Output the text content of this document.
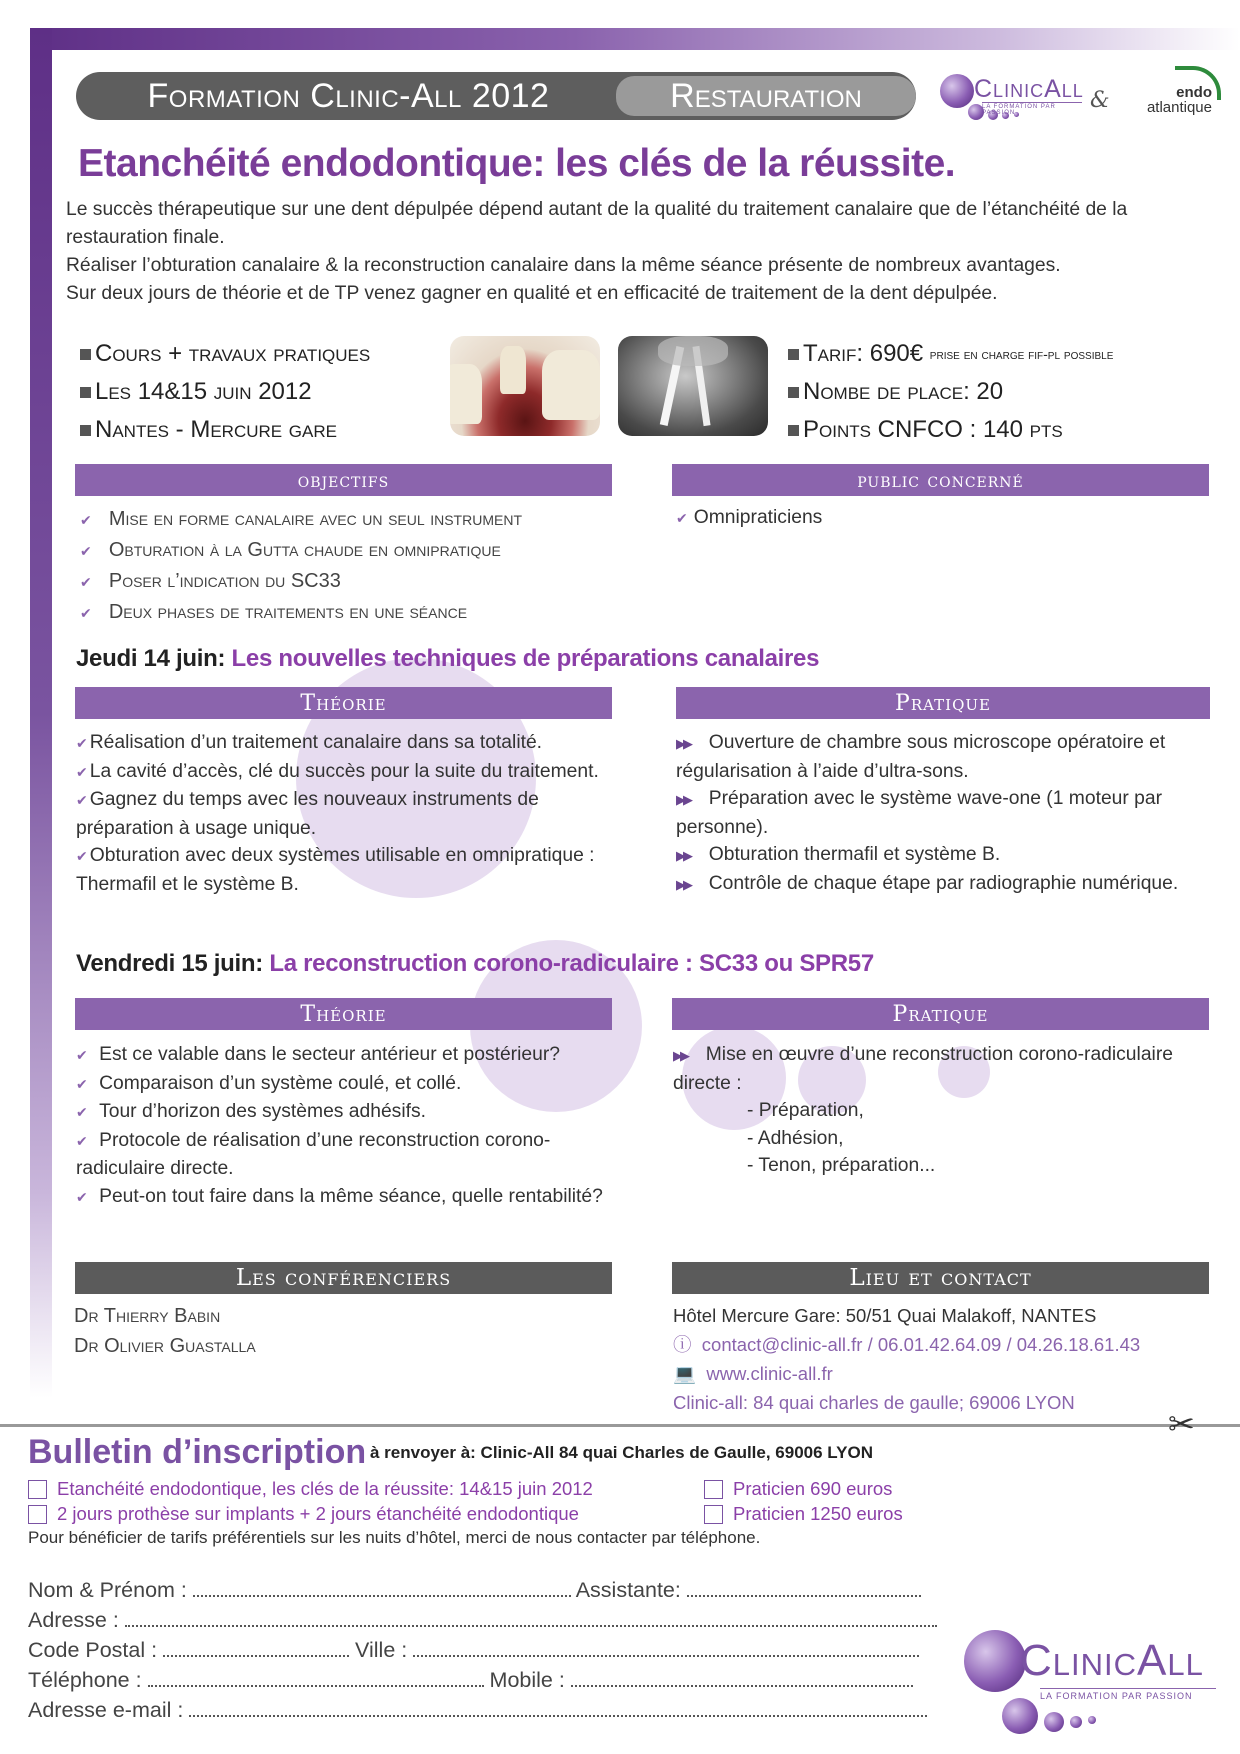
Formation Clinic-All 2012	Restauration	ClinicAll
LA FORMATION PAR PASSION	&	endo
atlantique
Etanchéité endodontique: les clés de la réussite.

Le succès thérapeutique sur une dent dépulpée dépend autant de la qualité du traitement canalaire que de l’étanchéité de la restauration finale.

Réaliser l’obturation canalaire & la reconstruction canalaire dans la même séance présente de nombreux avantages.

Sur deux jours de théorie et de TP venez gagner en qualité et en efficacité de traitement de la dent dépulpée.

Cours + travaux pratiques
Les 14&15 juin 2012
Nantes - Mercure gare
Tarif: 690€
prise en charge fif-pl possible
Nombe de place: 20
Points CNFCO : 140 pts
objectifs	public concerné
✔ Mise en forme canalaire avec un seul instrument
✔ Obturation à la Gutta chaude en omnipratique
✔ Poser l’indication du SC33
✔ Deux phases de traitements en une séance
✔ Omnipraticiens
Jeudi 14 juin: Les nouvelles techniques de préparations canalaires
Théorie	Pratique
✔ Réalisation d’un traitement canalaire dans sa totalité.
✔ La cavité d’accès, clé du succès pour la suite du traitement.
✔ Gagnez du temps avec les nouveaux instruments de préparation à usage unique.
✔ Obturation avec deux systèmes utilisable en omnipratique : Thermafil et le système B.
▶▶ Ouverture de chambre sous microscope opératoire et régularisation à l’aide d’ultra-sons.
▶▶ Préparation avec le système wave-one (1 moteur par personne).
▶▶ Obturation thermafil et système B.
▶▶ Contrôle de chaque étape par radiographie numérique.
Vendredi 15 juin: La reconstruction corono-radiculaire : SC33 ou SPR57
Théorie	Pratique
✔ Est ce valable dans le secteur antérieur et postérieur?
✔ Comparaison d’un système coulé, et collé.
✔ Tour d’horizon des systèmes adhésifs.
✔ Protocole de réalisation d’une reconstruction corono-radiculaire directe.
✔ Peut-on tout faire dans la même séance, quelle rentabilité?
▶▶ Mise en œuvre d’une reconstruction corono-radiculaire directe :
- Préparation,
- Adhésion,
- Tenon, préparation...
Les conférenciers	Lieu et contact
Dr Thierry Babin
Dr Olivier Guastalla
Hôtel Mercure Gare: 50/51 Quai Malakoff, NANTES
ⓘ contact@clinic-all.fr / 06.01.42.64.09 / 04.26.18.61.43
💻 www.clinic-all.fr
Clinic-all: 84 quai charles de gaulle; 69006 LYON
✂
Bulletin d’inscription à renvoyer à: Clinic-All 84 quai Charles de Gaulle, 69006 LYON
Etanchéité endodontique, les clés de la réussite: 14&15 juin 2012	Praticien 690 euros
2 jours prothèse sur implants + 2 jours étanchéité endodontique	Praticien 1250 euros
Pour bénéficier de tarifs préférentiels sur les nuits d’hôtel, merci de nous contacter par téléphone.
Nom & Prénom :	Assistante:
Adresse :
Code Postal :	Ville :
Téléphone :	Mobile :
Adresse e-mail :
ClinicAll
LA FORMATION PAR PASSION
